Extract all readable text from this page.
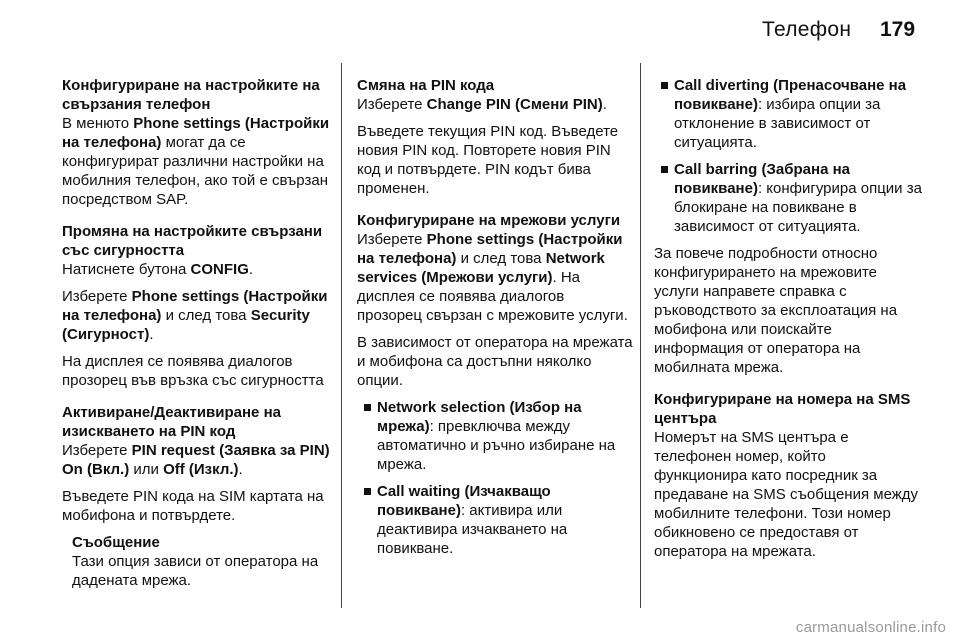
Телефон 179
Конфигуриране на настройките на свързания телефон

В менюто Phone settings (Настройки на телефона) могат да се конфигурират различни настройки на мобилния телефон, ако той е свързан посредством SAP.

Промяна на настройките свързани със сигурността

Натиснете бутона CONFIG.

Изберете Phone settings (Настройки на телефона) и след това Security (Сигурност).

На дисплея се появява диалогов прозорец във връзка със сигурността

Активиране/Деактивиране на изискването на PIN код

Изберете PIN request (Заявка за PIN) On (Вкл.) или Off (Изкл.).

Въведете PIN кода на SIM картата на мобифона и потвърдете.

Съобщение

Тази опция зависи от оператора на дадената мрежа.

Смяна на PIN кода

Изберете Change PIN (Смени PIN).

Въведете текущия PIN код. Въведете новия PIN код. Повторете новия PIN код и потвърдете. PIN кодът бива променен.

Конфигуриране на мрежови услуги

Изберете Phone settings (Настройки на телефона) и след това Network services (Мрежови услуги). На дисплея се появява диалогов прозорец свързан с мрежовите услуги.

В зависимост от оператора на мрежата и мобифона са достъпни няколко опции.

Network selection (Избор на мрежа): превключва между автоматично и ръчно избиране на мрежа.
Call waiting (Изчакващо повикване): активира или деактивира изчакването на повикване.
Call diverting (Пренасочване на повикване): избира опции за отклонение в зависимост от ситуацията.
Call barring (Забрана на повикване): конфигурира опции за блокиране на повикване в зависимост от ситуацията.

За повече подробности относно конфигурирането на мрежовите услуги направете справка с ръководството за експлоатация на мобифона или поискайте информация от оператора на мобилната мрежа.

Конфигуриране на номера на SMS центъра

Номерът на SMS центъра е телефонен номер, който функционира като посредник за предаване на SMS съобщения между мобилните телефони. Този номер обикновено се предоставя от оператора на мрежата.

carmanualsonline.info
